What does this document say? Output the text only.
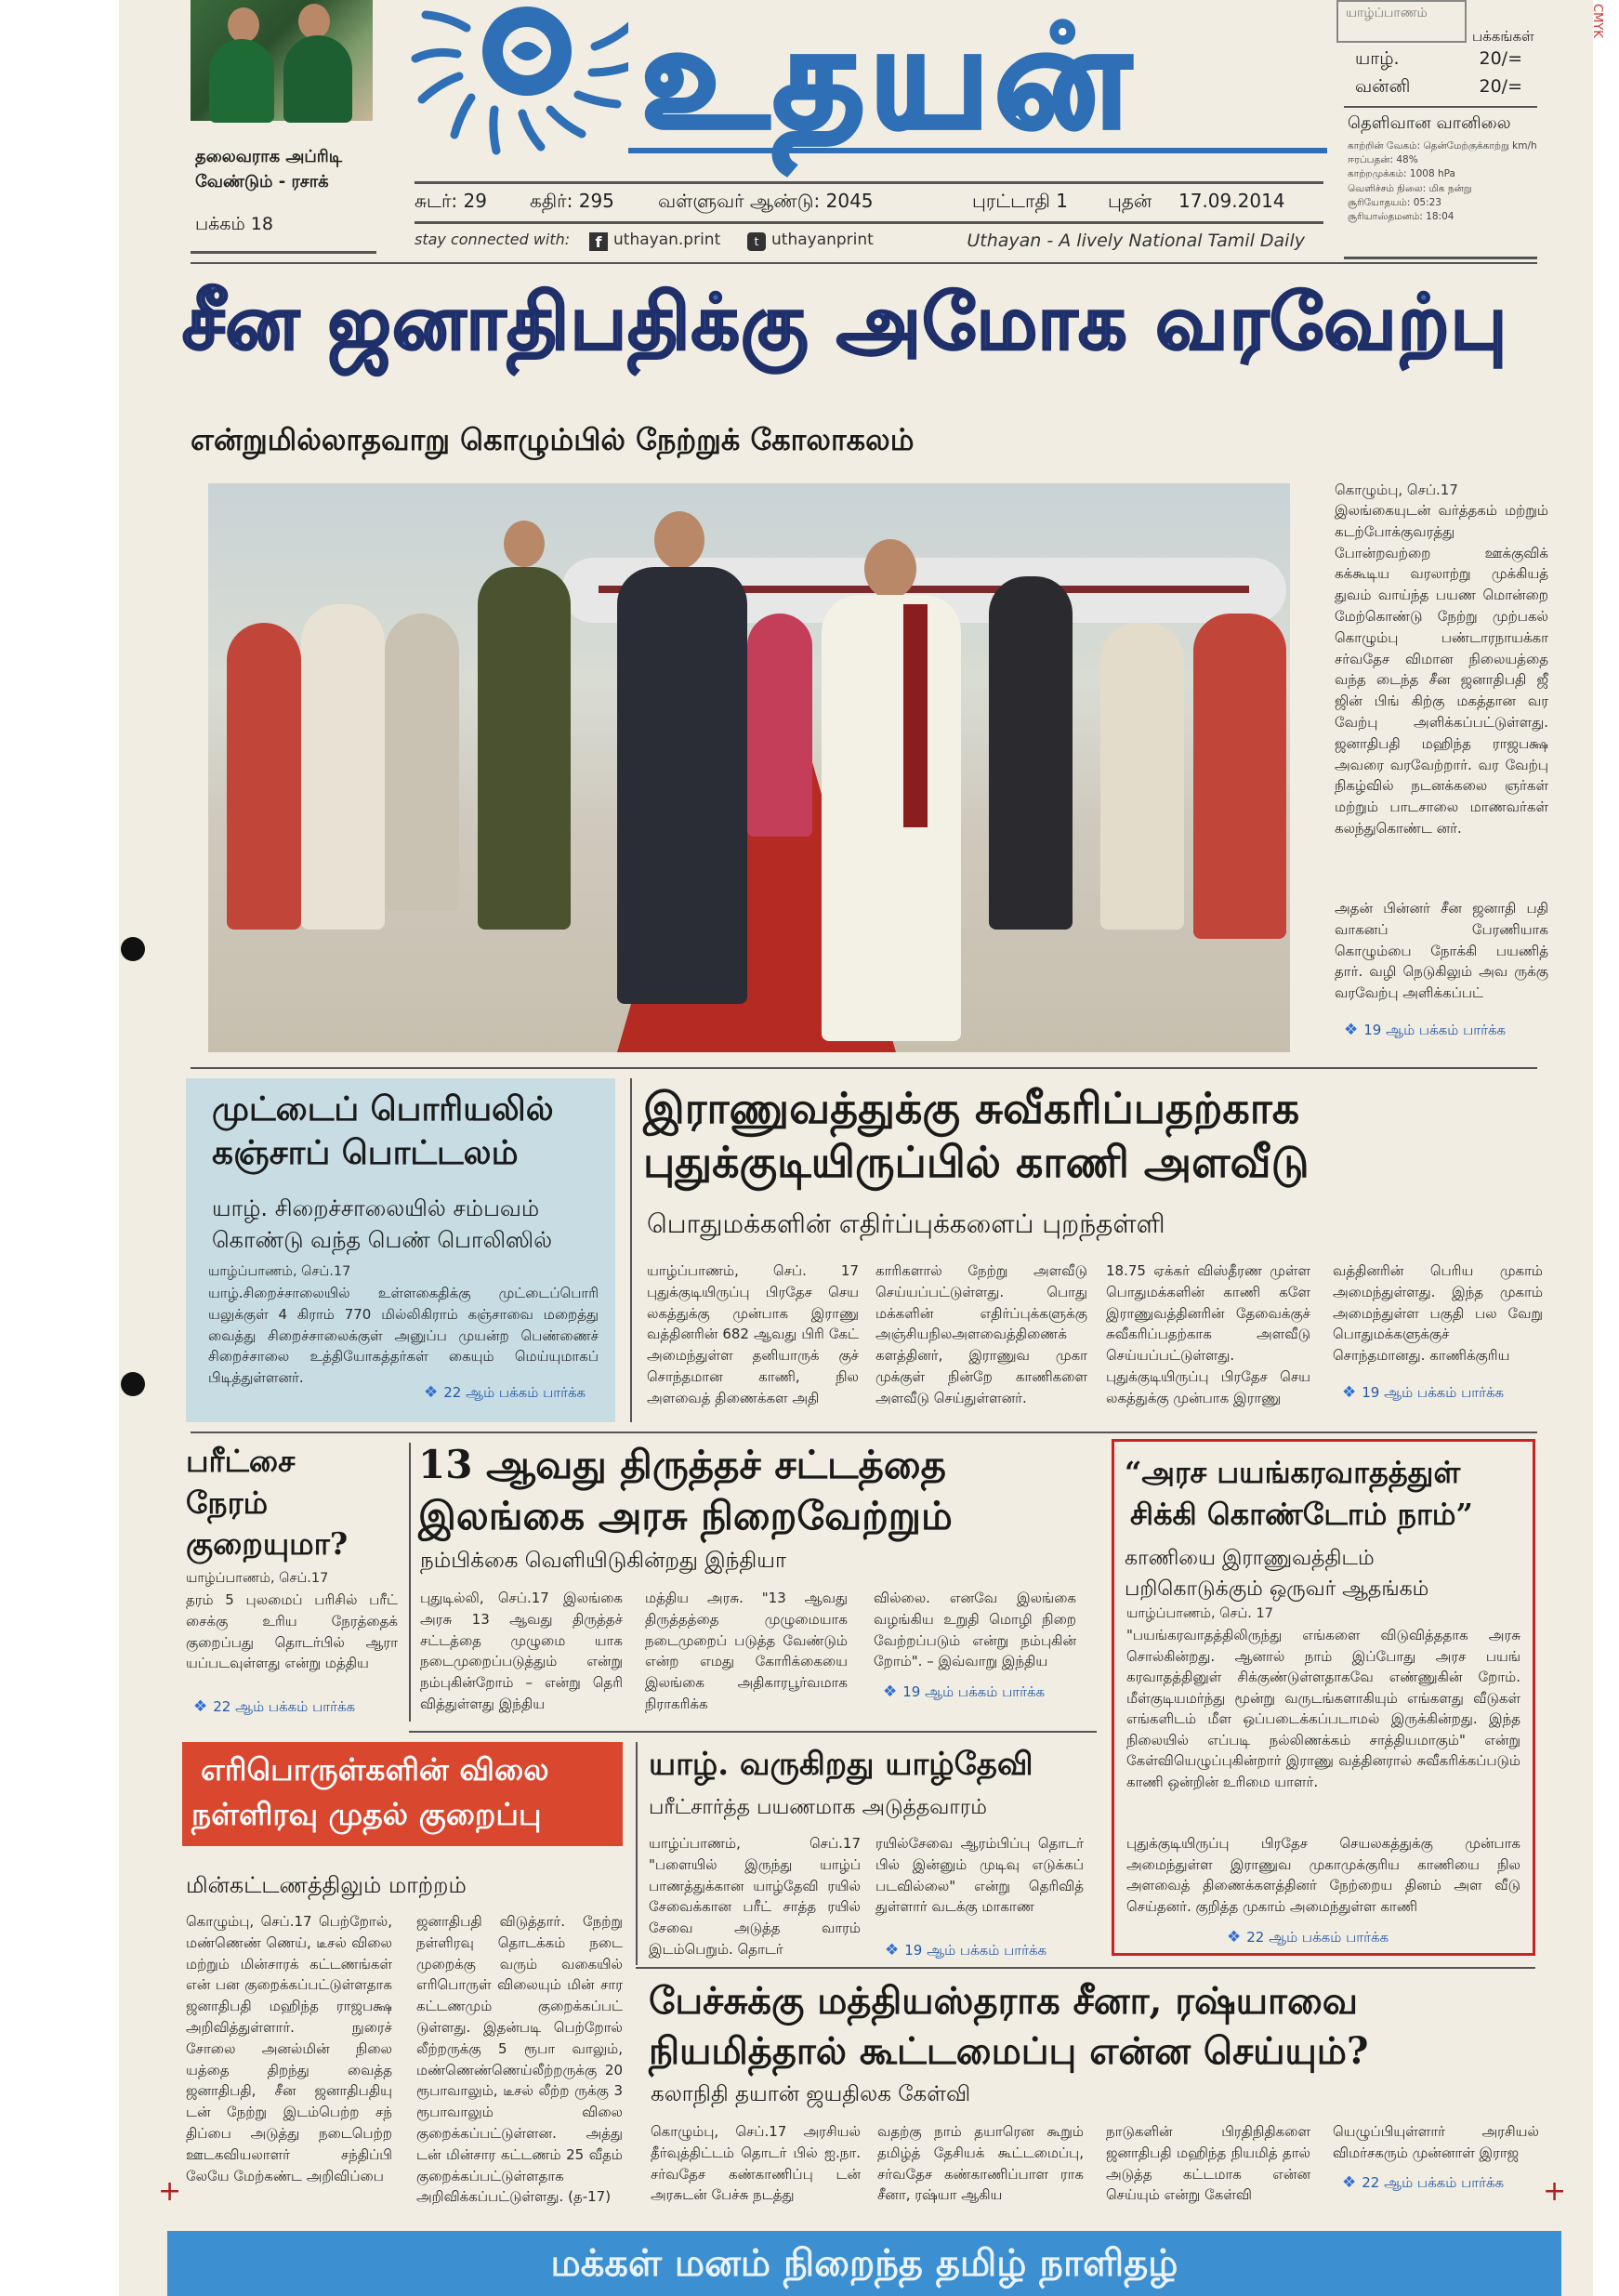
CMYK
தலைவராக அப்ரிடி வேண்டும் - ரசாக்
பக்கம் 18
உதயன்	யாழ்ப்பாணம்
பக்கங்கள்
யாழ்.	20/=
வன்னி	20/=
தெளிவான வானிலை
காற்றின் வேகம்: தென்மேற்குக்காற்று km/h
ஈரப்பதன்: 48%
காற்றமுக்கம்: 1008 hPa
வெளிச்சம் நிலை: மிக நன்று
சூரியோதயம்: 05:23
சூரியாஸ்தமனம்: 18:04
சுடர்: 29 கதிர்: 295 வள்ளுவர் ஆண்டு: 2045	புரட்டாதி 1 புதன் 17.09.2014
stay connected with:	f uthayan.print	t uthayanprint	Uthayan - A lively National Tamil Daily
சீன ஜனாதிபதிக்கு அமோக வரவேற்பு
என்றுமில்லாதவாறு கொழும்பில் நேற்றுக் கோலாகலம்
கொழும்பு, செப்.17
இலங்கையுடன் வர்த்தகம் மற்றும் கடற்போக்குவரத்து போன்றவற்றை ஊக்குவிக் கக்கூடிய வரலாற்று முக்கியத் துவம் வாய்ந்த பயண மொன்றை மேற்கொண்டு நேற்று முற்பகல் கொழும்பு பண்டாரநாயக்கா சர்வதேச விமான நிலையத்தை வந்த டைந்த சீன ஜனாதிபதி ஜீ ஜின் பிங் கிற்கு மகத்தான வர வேற்பு அளிக்கப்பட்டுள்ளது. ஜனாதிபதி மஹிந்த ராஜபக்ஷ அவரை வரவேற்றார். வர வேற்பு நிகழ்வில் நடனக்கலை ஞர்கள் மற்றும் பாடசாலை மாணவர்கள் கலந்துகொண்ட னர்.
அதன் பின்னர் சீன ஜனாதி பதி வாகனப் பேரணியாக கொழும்பை நோக்கி பயணித் தார். வழி நெடுகிலும் அவ ருக்கு வரவேற்பு அளிக்கப்பட்
❖ 19 ஆம் பக்கம் பார்க்க
முட்டைப் பொரியலில்
கஞ்சாப் பொட்டலம்
யாழ். சிறைச்சாலையில் சம்பவம்
கொண்டு வந்த பெண் பொலிஸில்
யாழ்ப்பாணம், செப்.17
யாழ்.சிறைச்சாலையில் உள்ளகைதிக்கு முட்டைப்பொரி யலுக்குள் 4 கிராம் 770 மில்லிகிராம் கஞ்சாவை மறைத்து வைத்து சிறைச்சாலைக்குள் அனுப்ப முயன்ற பெண்ணைச் சிறைச்சாலை உத்தியோகத்தர்கள் கையும் மெய்யுமாகப் பிடித்துள்ளனர்.
❖ 22 ஆம் பக்கம் பார்க்க
இராணுவத்துக்கு சுவீகரிப்பதற்காக
புதுக்குடியிருப்பில் காணி அளவீடு
பொதுமக்களின் எதிர்ப்புக்களைப் புறந்தள்ளி
யாழ்ப்பாணம், செப். 17 புதுக்குடியிருப்பு பிரதேச செய லகத்துக்கு முன்பாக இராணு வத்தினரின் 682 ஆவது பிரி கேட் அமைந்துள்ள தனியாருக் குச் சொந்தமான காணி, நில அளவைத் திணைக்கள அதி
காரிகளால் நேற்று அளவீடு செய்யப்பட்டுள்ளது. பொது மக்களின் எதிர்ப்புக்களுக்கு அஞ்சியநிலஅளவைத்திணைக் களத்தினர், இராணுவ முகா முக்குள் நின்றே காணிகளை அளவீடு செய்துள்ளனர்.
18.75 ஏக்கர் விஸ்தீரண முள்ள பொதுமக்களின் காணி களே இராணுவத்தினரின் தேவைக்குச் சுவீகரிப்பதற்காக அளவீடு செய்யப்பட்டுள்ளது. புதுக்குடியிருப்பு பிரதேச செய லகத்துக்கு முன்பாக இராணு
வத்தினரின் பெரிய முகாம் அமைந்துள்ளது. இந்த முகாம் அமைந்துள்ள பகுதி பல வேறு பொதுமக்களுக்குச் சொந்தமானது. காணிக்குரிய
❖ 19 ஆம் பக்கம் பார்க்க
பரீட்சை
நேரம்
குறையுமா?
யாழ்ப்பாணம், செப்.17
தரம் 5 புலமைப் பரிசில் பரீட் சைக்கு உரிய நேரத்தைக் குறைப்பது தொடர்பில் ஆரா யப்படவுள்ளது என்று மத்திய
❖ 22 ஆம் பக்கம் பார்க்க
13 ஆவது திருத்தச் சட்டத்தை
இலங்கை அரசு நிறைவேற்றும்
நம்பிக்கை வெளியிடுகின்றது இந்தியா
புதுடில்லி, செப்.17 இலங்கை அரசு 13 ஆவது திருத்தச் சட்டத்தை முழுமை யாக நடைமுறைப்படுத்தும் என்று நம்புகின்றோம் – என்று தெரி வித்துள்ளது இந்திய
மத்திய அரசு. "13 ஆவது திருத்தத்தை முழுமையாக நடைமுறைப் படுத்த வேண்டும் என்ற எமது கோரிக்கையை இலங்கை அதிகாரபூர்வமாக நிராகரிக்க
வில்லை. எனவே இலங்கை வழங்கிய உறுதி மொழி நிறை வேற்றப்படும் என்று நம்புகின் றோம்". – இவ்வாறு இந்திய
❖ 19 ஆம் பக்கம் பார்க்க
“அரச பயங்கரவாதத்துள்
சிக்கி கொண்டோம் நாம்”
காணியை இராணுவத்திடம்
பறிகொடுக்கும் ஒருவர் ஆதங்கம்
யாழ்ப்பாணம், செப். 17
"பயங்கரவாதத்திலிருந்து எங்களை விடுவித்ததாக அரசு சொல்கின்றது. ஆனால் நாம் இப்போது அரச பயங் கரவாதத்தினுள் சிக்குண்டுள்ளதாகவே எண்ணுகின் றோம். மீள்குடியமர்ந்து மூன்று வருடங்களாகியும் எங்களது வீடுகள் எங்களிடம் மீள ஒப்படைக்கப்படாமல் இருக்கின்றது. இந்த நிலையில் எப்படி நல்லிணக்கம் சாத்தியமாகும்" என்று கேள்வியெழுப்புகின்றார் இராணு வத்தினரால் சுவீகரிக்கப்படும் காணி ஒன்றின் உரிமை யாளர்.
புதுக்குடியிருப்பு பிரதேச செயலகத்துக்கு முன்பாக அமைந்துள்ள இராணுவ முகாமுக்குரிய காணியை நில அளவைத் திணைக்களத்தினர் நேற்றைய தினம் அள வீடு செய்தனர். குறித்த முகாம் அமைந்துள்ள காணி
❖ 22 ஆம் பக்கம் பார்க்க
எரிபொருள்களின் விலை
நள்ளிரவு முதல் குறைப்பு
மின்கட்டணத்திலும் மாற்றம்
கொழும்பு, செப்.17 பெற்றோல், மண்ணெண் ணெய், டீசல் விலை மற்றும் மின்சாரக் கட்டணங்கள் என் பன குறைக்கப்பட்டுள்ளதாக ஜனாதிபதி மஹிந்த ராஜபக்ஷ அறிவித்துள்ளார். நுரைச் சோலை அனல்மின் நிலை யத்தை திறந்து வைத்த ஜனாதிபதி, சீன ஜனாதிபதியு டன் நேற்று இடம்பெற்ற சந் திப்பை அடுத்து நடைபெற்ற ஊடகவியலாளர் சந்திப்பி லேயே மேற்கண்ட அறிவிப்பை
ஜனாதிபதி விடுத்தார். நேற்று நள்ளிரவு தொடக்கம் நடை முறைக்கு வரும் வகையில் எரிபொருள் விலையும் மின் சார கட்டணமும் குறைக்கப்பட் டுள்ளது. இதன்படி பெற்றோல் லீற்றருக்கு 5 ரூபா வாலும், மண்ணெண்ணெய்லீற்றருக்கு 20 ரூபாவாலும், டீசல் லீற்ற ருக்கு 3 ரூபாவாலும் விலை குறைக்கப்பட்டுள்ளன. அத்து டன் மின்சார கட்டணம் 25 வீதம் குறைக்கப்பட்டுள்ளதாக அறிவிக்கப்பட்டுள்ளது. (த-17)
யாழ். வருகிறது யாழ்தேவி
பரீட்சார்த்த பயணமாக அடுத்தவாரம்
யாழ்ப்பாணம், செப்.17 "பளையில் இருந்து யாழ்ப் பாணத்துக்கான யாழ்தேவி ரயில் சேவைக்கான பரீட் சாத்த ரயில் சேவை அடுத்த வாரம் இடம்பெறும். தொடர்
ரயில்சேவை ஆரம்பிப்பு தொடர் பில் இன்னும் முடிவு எடுக்கப் படவில்லை" என்று தெரிவித் துள்ளார் வடக்கு மாகாண
❖ 19 ஆம் பக்கம் பார்க்க
பேச்சுக்கு மத்தியஸ்தராக சீனா, ரஷ்யாவை
நியமித்தால் கூட்டமைப்பு என்ன செய்யும்?
கலாநிதி தயான் ஜயதிலக கேள்வி
கொழும்பு, செப்.17 அரசியல் தீர்வுத்திட்டம் தொடர் பில் ஐ.நா. சர்வதேச கண்காணிப்பு டன் அரசுடன் பேச்சு நடத்து
வதற்கு நாம் தயாரென கூறும் தமிழ்த் தேசியக் கூட்டமைப்பு, சர்வதேச கண்காணிப்பாள ராக சீனா, ரஷ்யா ஆகிய
நாடுகளின் பிரதிநிதிகளை ஜனாதிபதி மஹிந்த நியமித் தால் அடுத்த கட்டமாக என்ன செய்யும் என்று கேள்வி
யெழுப்பியுள்ளார் அரசியல் விமர்சகரும் முன்னாள் இராஜ
❖ 22 ஆம் பக்கம் பார்க்க
+	+
மக்கள் மனம் நிறைந்த தமிழ் நாளிதழ்
